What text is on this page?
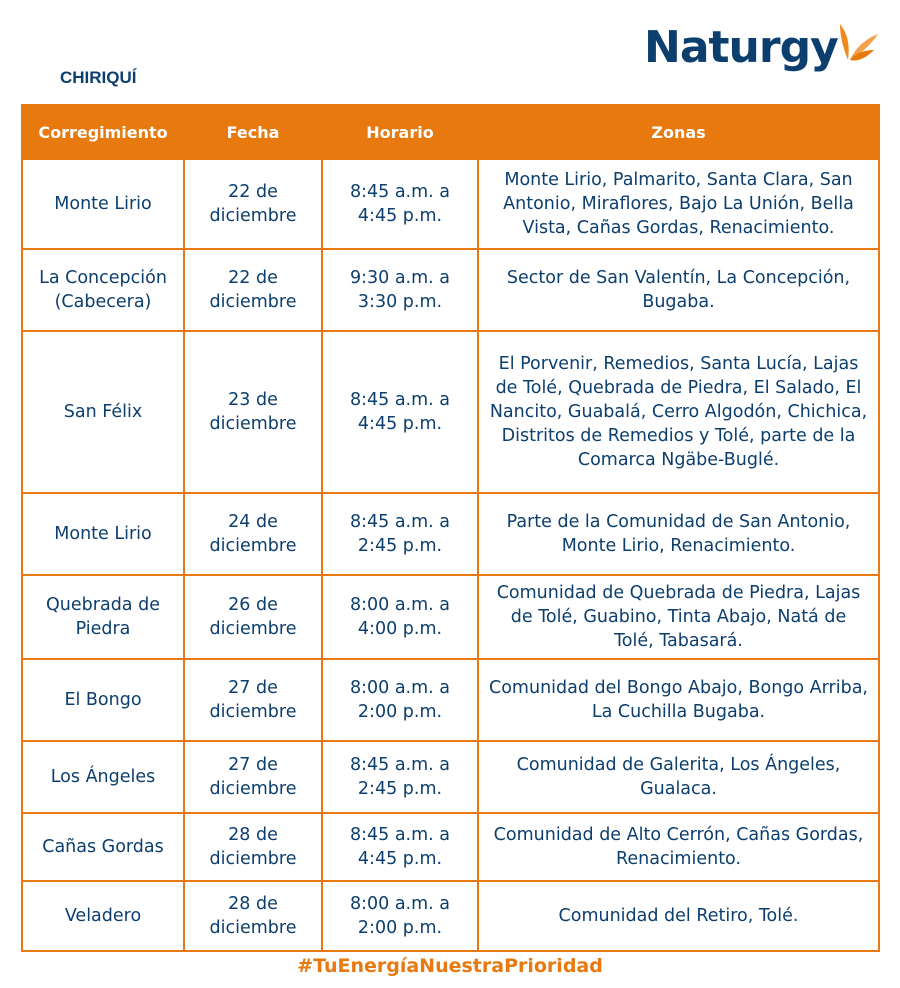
CHIRIQUÍ
Naturgy
Corregimiento	Fecha	Horario	Zonas
Monte Lirio	22 de diciembre	8:45 a.m. a 4:45 p.m.	Monte Lirio, Palmarito, Santa Clara, San Antonio, Miraflores, Bajo La Unión, Bella Vista, Cañas Gordas, Renacimiento.
La Concepción (Cabecera)	22 de diciembre	9:30 a.m. a 3:30 p.m.	Sector de San Valentín, La Concepción, Bugaba.
San Félix	23 de diciembre	8:45 a.m. a 4:45 p.m.	El Porvenir, Remedios, Santa Lucía, Lajas de Tolé, Quebrada de Piedra, El Salado, El Nancito, Guabalá, Cerro Algodón, Chichica, Distritos de Remedios y Tolé, parte de la Comarca Ngäbe-Buglé.
Monte Lirio	24 de diciembre	8:45 a.m. a 2:45 p.m.	Parte de la Comunidad de San Antonio, Monte Lirio, Renacimiento.
Quebrada de Piedra	26 de diciembre	8:00 a.m. a 4:00 p.m.	Comunidad de Quebrada de Piedra, Lajas de Tolé, Guabino, Tinta Abajo, Natá de Tolé, Tabasará.
El Bongo	27 de diciembre	8:00 a.m. a 2:00 p.m.	Comunidad del Bongo Abajo, Bongo Arriba, La Cuchilla Bugaba.
Los Ángeles	27 de diciembre	8:45 a.m. a 2:45 p.m.	Comunidad de Galerita, Los Ángeles, Gualaca.
Cañas Gordas	28 de diciembre	8:45 a.m. a 4:45 p.m.	Comunidad de Alto Cerrón, Cañas Gordas, Renacimiento.
Veladero	28 de diciembre	8:00 a.m. a 2:00 p.m.	Comunidad del Retiro, Tolé.
#TuEnergíaNuestraPrioridad
